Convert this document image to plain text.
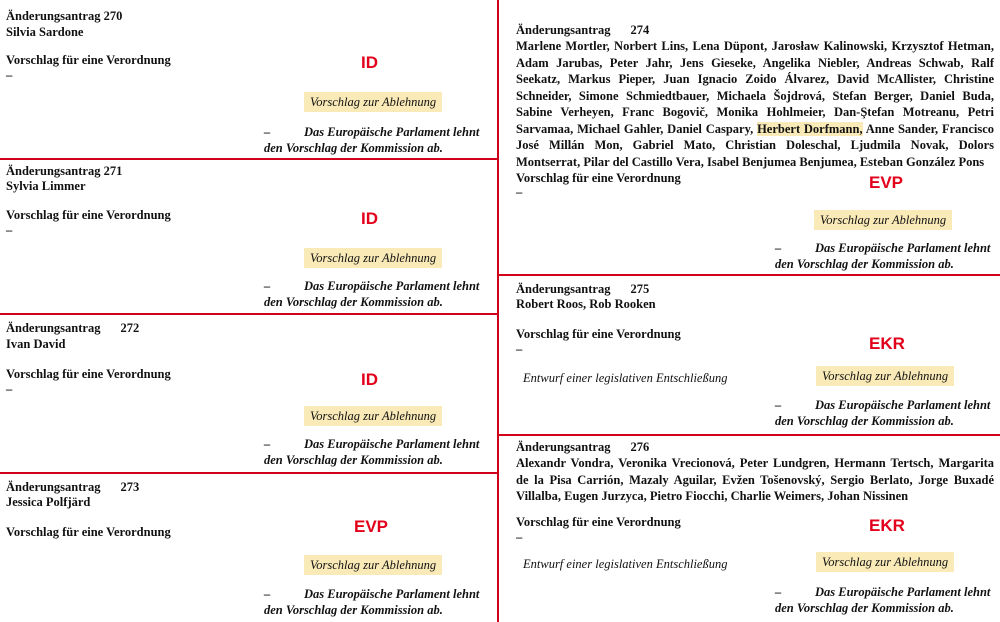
Änderungsantrag 270
Silvia Sardone
Vorschlag für eine Verordnung
–
ID
Vorschlag zur Ablehnung
–	Das Europäische Parlament lehnt den Vorschlag der Kommission ab.
Änderungsantrag 271
Sylvia Limmer
Vorschlag für eine Verordnung
–
ID
Vorschlag zur Ablehnung
–	Das Europäische Parlament lehnt den Vorschlag der Kommission ab.
Änderungsantrag 272
Ivan David
Vorschlag für eine Verordnung
–	ID
Vorschlag zur Ablehnung
–	Das Europäische Parlament lehnt den Vorschlag der Kommission ab.
Änderungsantrag 273
Jessica Polfjärd
Vorschlag für eine Verordnung	EVP
Vorschlag zur Ablehnung
–	Das Europäische Parlament lehnt den Vorschlag der Kommission ab.
Änderungsantrag 274
Marlene Mortler, Norbert Lins, Lena Düpont, Jarosław Kalinowski, Krzysztof Hetman, Adam Jarubas, Peter Jahr, Jens Gieseke, Angelika Niebler, Andreas Schwab, Ralf Seekatz, Markus Pieper, Juan Ignacio Zoido Álvarez, David McAllister, Christine Schneider, Simone Schmiedtbauer, Michaela Šojdrová, Stefan Berger, Daniel Buda, Sabine Verheyen, Franc Bogovič, Monika Hohlmeier, Dan-Ştefan Motreanu, Petri Sarvamaa, Michael Gahler, Daniel Caspary, Herbert Dorfmann, Anne Sander, Francisco José Millán Mon, Gabriel Mato, Christian Doleschal, Ljudmila Novak, Dolors Montserrat, Pilar del Castillo Vera, Isabel Benjumea Benjumea, Esteban González Pons
Vorschlag für eine Verordnung
–	EVP
Vorschlag zur Ablehnung
–	Das Europäische Parlament lehnt den Vorschlag der Kommission ab.
Änderungsantrag 275
Robert Roos, Rob Rooken
Vorschlag für eine Verordnung
–	EKR
Entwurf einer legislativen Entschließung	Vorschlag zur Ablehnung
–	Das Europäische Parlament lehnt den Vorschlag der Kommission ab.
Änderungsantrag 276
Alexandr Vondra, Veronika Vrecionová, Peter Lundgren, Hermann Tertsch, Margarita de la Pisa Carrión, Mazaly Aguilar, Evžen Tošenovský, Sergio Berlato, Jorge Buxadé Villalba, Eugen Jurzyca, Pietro Fiocchi, Charlie Weimers, Johan Nissinen
Vorschlag für eine Verordnung
–
EKR
Entwurf einer legislativen Entschließung	Vorschlag zur Ablehnung
–	Das Europäische Parlament lehnt den Vorschlag der Kommission ab.
